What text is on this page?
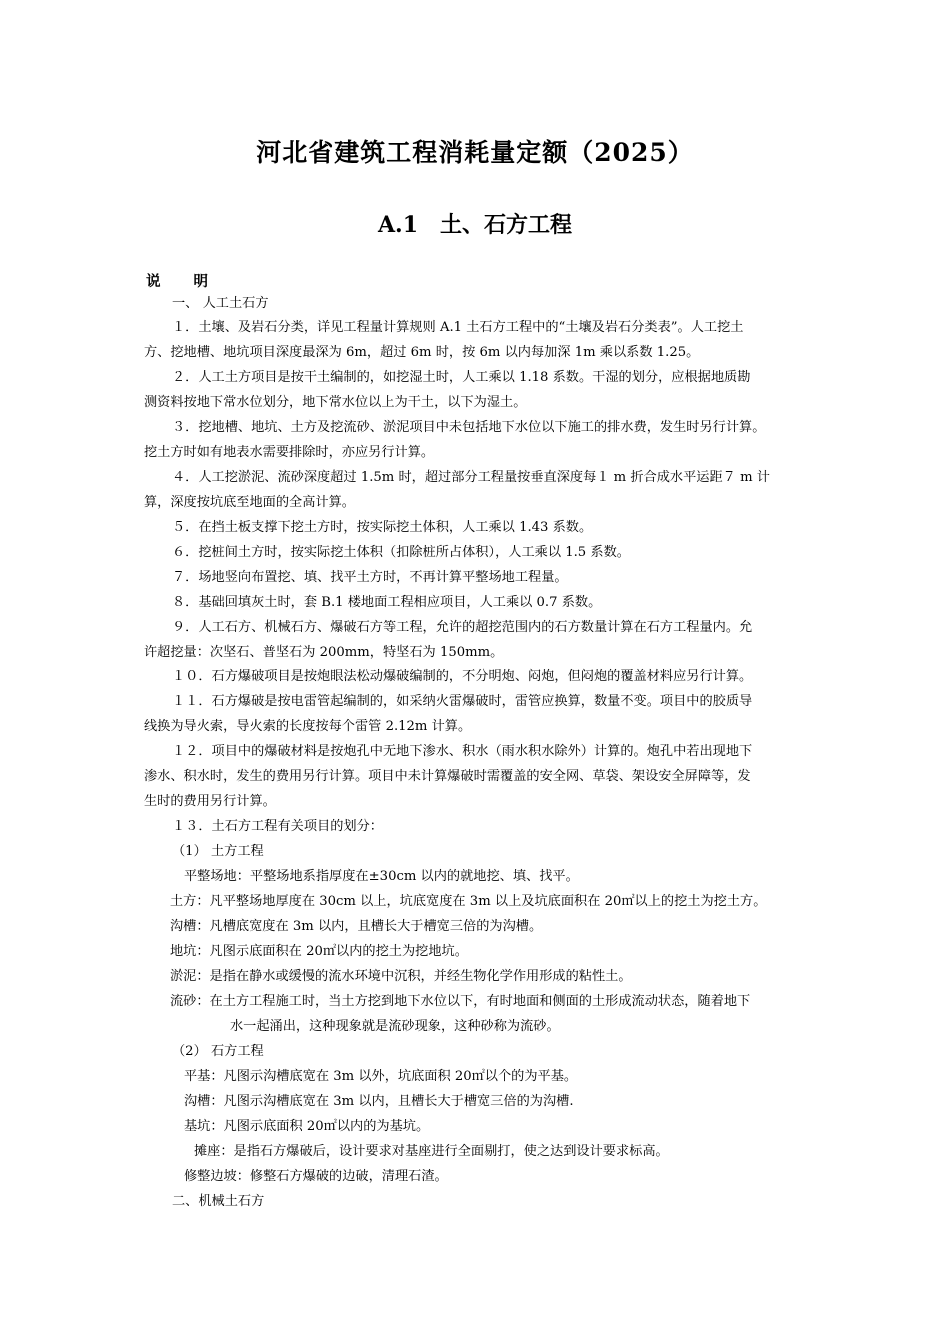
河北省建筑工程消耗量定额（2025）
A.1 土、石方工程
说 明
一、 人工土石方
１．土壤、及岩石分类，详见工程量计算规则 A.1 土石方工程中的“土壤及岩石分类表”。人工挖土
方、挖地槽、地坑项目深度最深为 6m，超过 6m 时，按 6m 以内每加深 1m 乘以系数 1.25。
２．人工土方项目是按干土编制的，如挖湿土时，人工乘以 1.18 系数。干湿的划分，应根据地质勘
测资料按地下常水位划分，地下常水位以上为干土，以下为湿土。
３．挖地槽、地坑、土方及挖流砂、淤泥项目中未包括地下水位以下施工的排水费，发生时另行计算。
挖土方时如有地表水需要排除时，亦应另行计算。
４．人工挖淤泥、流砂深度超过 1.5m 时，超过部分工程量按垂直深度每１ m 折合成水平运距７ m 计
算，深度按坑底至地面的全高计算。
５．在挡土板支撑下挖土方时，按实际挖土体积，人工乘以 1.43 系数。
６．挖桩间土方时，按实际挖土体积（扣除桩所占体积），人工乘以 1.5 系数。
７．场地竖向布置挖、填、找平土方时，不再计算平整场地工程量。
８．基础回填灰土时，套 B.1 楼地面工程相应项目，人工乘以 0.7 系数。
９．人工石方、机械石方、爆破石方等工程，允许的超挖范围内的石方数量计算在石方工程量内。允
许超挖量：次坚石、普坚石为 200mm，特坚石为 150mm。
１０．石方爆破项目是按炮眼法松动爆破编制的，不分明炮、闷炮，但闷炮的覆盖材料应另行计算。
１１．石方爆破是按电雷管起编制的，如采纳火雷爆破时，雷管应换算，数量不变。项目中的胶质导
线换为导火索，导火索的长度按每个雷管 2.12m 计算。
１２．项目中的爆破材料是按炮孔中无地下渗水、积水（雨水积水除外）计算的。炮孔中若出现地下
渗水、积水时，发生的费用另行计算。项目中未计算爆破时需覆盖的安全网、草袋、架设安全屏障等，发
生时的费用另行计算。
１３．土石方工程有关项目的划分：
（1） 土方工程
平整场地：平整场地系指厚度在±30cm 以内的就地挖、填、找平。
土方：凡平整场地厚度在 30cm 以上，坑底宽度在 3m 以上及坑底面积在 20㎡以上的挖土为挖土方。
沟槽：凡槽底宽度在 3m 以内，且槽长大于槽宽三倍的为沟槽。
地坑：凡图示底面积在 20㎡以内的挖土为挖地坑。
淤泥：是指在静水或缓慢的流水环境中沉积，并经生物化学作用形成的粘性土。
流砂：在土方工程施工时，当土方挖到地下水位以下，有时地面和侧面的土形成流动状态，随着地下
水一起涌出，这种现象就是流砂现象，这种砂称为流砂。
（2） 石方工程
平基：凡图示沟槽底宽在 3m 以外，坑底面积 20㎡以个的为平基。
沟槽：凡图示沟槽底宽在 3m 以内，且槽长大于槽宽三倍的为沟槽.
基坑：凡图示底面积 20㎡以内的为基坑。
摊座：是指石方爆破后，设计要求对基座进行全面剔打，使之达到设计要求标高。
修整边坡：修整石方爆破的边破，清理石渣。
二、机械土石方
